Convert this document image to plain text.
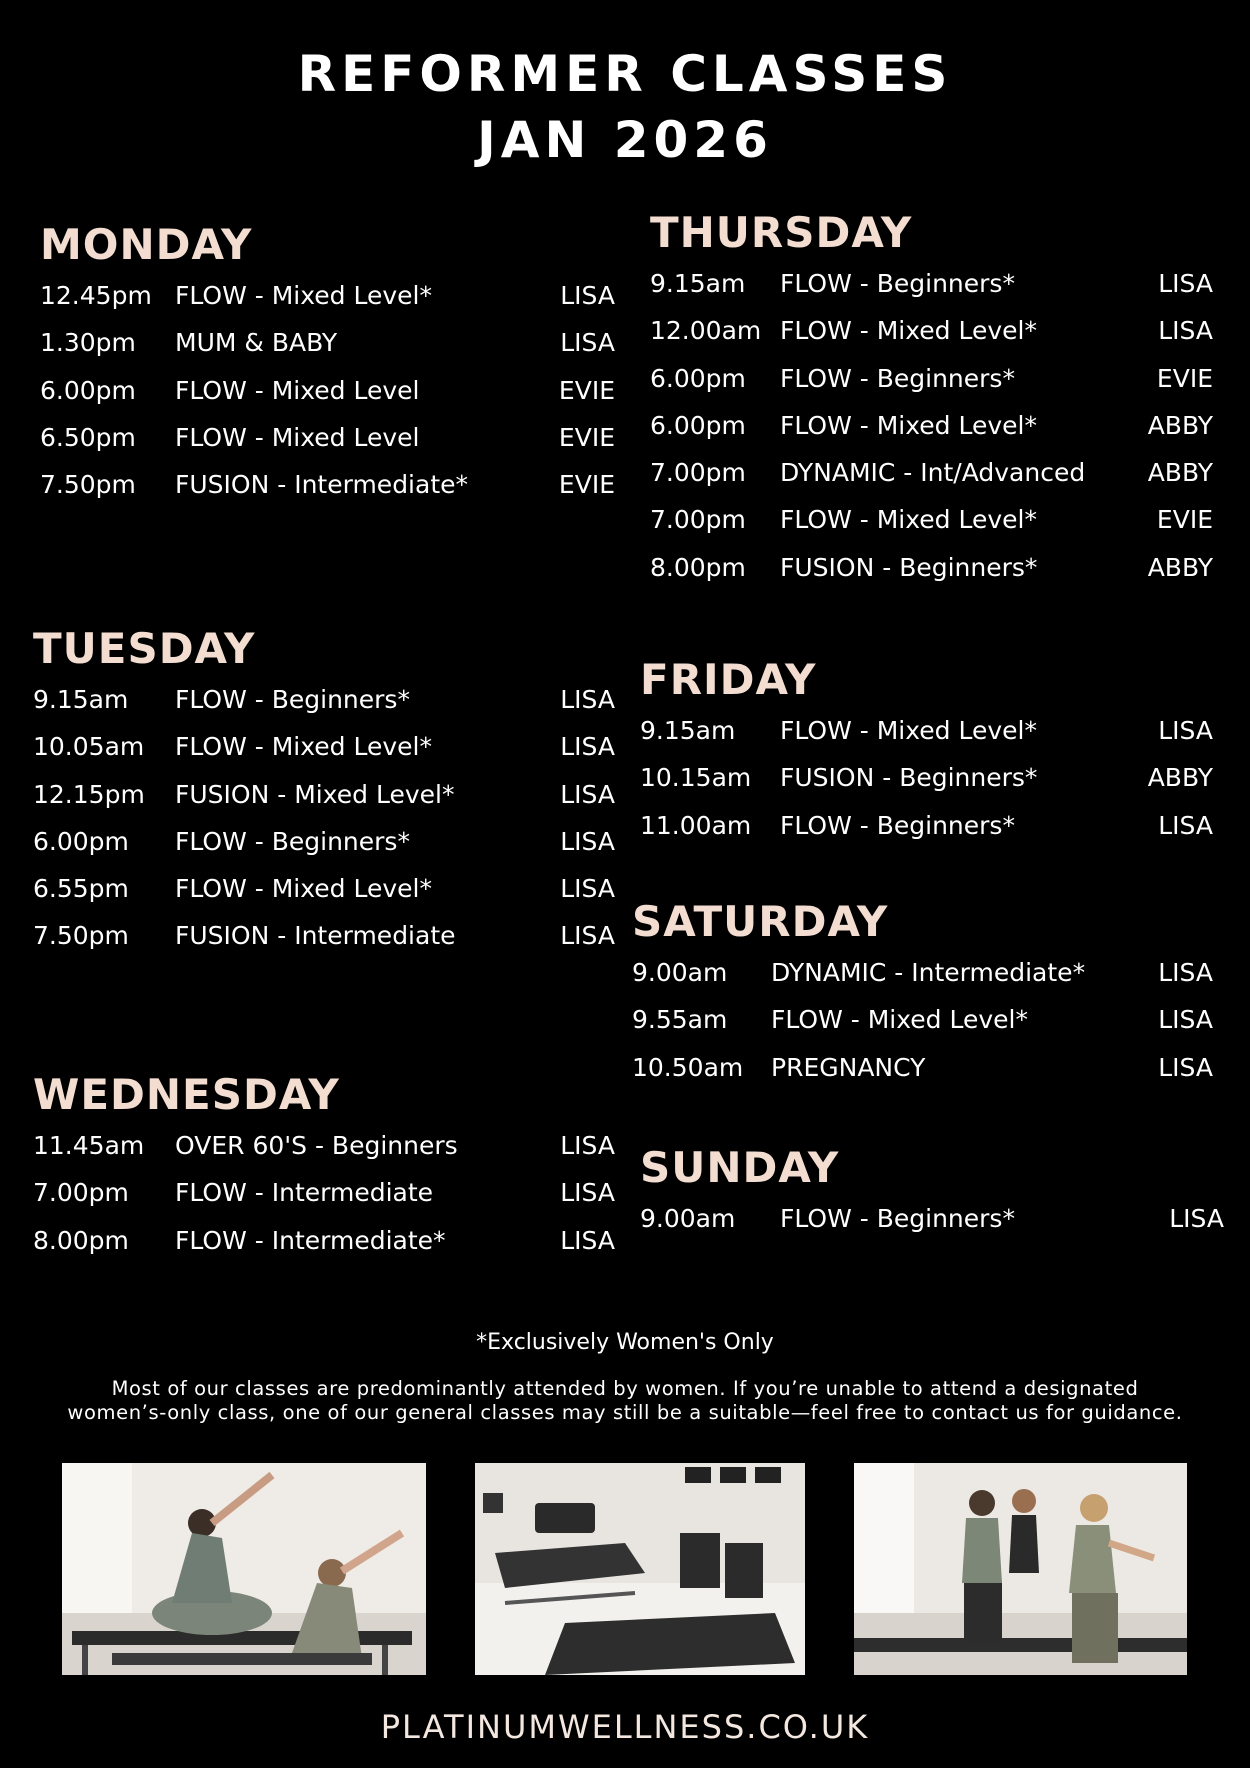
REFORMER CLASSES
JAN 2026
MONDAY
12.45pm FLOW - Mixed Level*	LISA
1.30pm MUM & BABY	LISA
6.00pm FLOW - Mixed Level	EVIE
6.50pm FLOW - Mixed Level	EVIE
7.50pm FUSION - Intermediate*	EVIE
TUESDAY
9.15am FLOW - Beginners*	LISA
10.05am FLOW - Mixed Level*	LISA
12.15pm FUSION - Mixed Level*	LISA
6.00pm FLOW - Beginners*	LISA
6.55pm FLOW - Mixed Level*	LISA
7.50pm FUSION - Intermediate	LISA
WEDNESDAY
11.45am OVER 60'S - Beginners	LISA
7.00pm FLOW - Intermediate	LISA
8.00pm FLOW - Intermediate*	LISA
THURSDAY
9.15am FLOW - Beginners*	LISA
12.00am FLOW - Mixed Level*	LISA
6.00pm FLOW - Beginners*	EVIE
6.00pm FLOW - Mixed Level*	ABBY
7.00pm DYNAMIC - Int/Advanced ABBY
7.00pm FLOW - Mixed Level*	EVIE
8.00pm FUSION - Beginners*	ABBY
FRIDAY
9.15am FLOW - Mixed Level*	LISA
10.15am FUSION - Beginners*	ABBY
11.00am FLOW - Beginners*	LISA
SATURDAY
9.00am DYNAMIC - Intermediate*	LISA
9.55am FLOW - Mixed Level*	LISA
10.50am PREGNANCY	LISA
SUNDAY
9.00am FLOW - Beginners*	LISA
*Exclusively Women's Only
Most of our classes are predominantly attended by women. If you’re unable to attend a designated women’s-only class, one of our general classes may still be a suitable—feel free to contact us for guidance.
PLATINUMWELLNESS.CO.UK
